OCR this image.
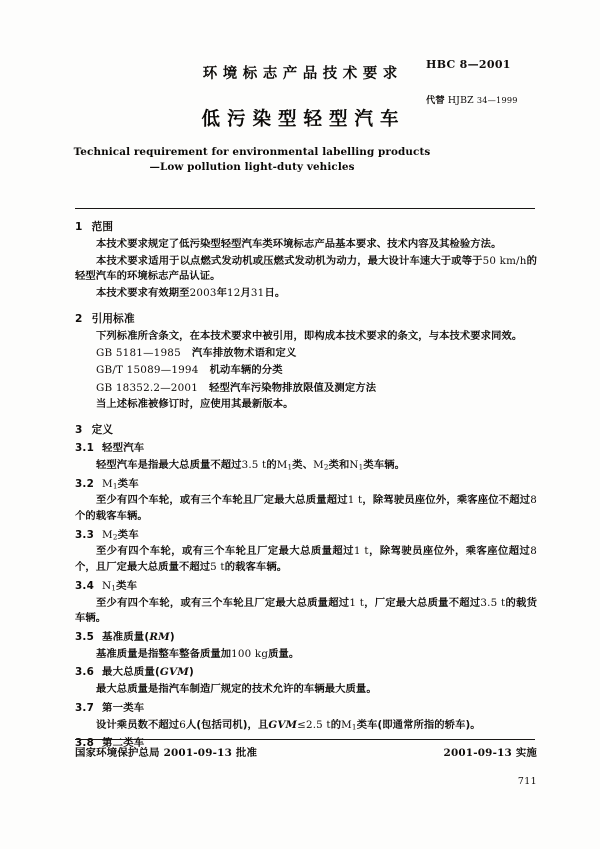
环境标志产品技术要求
低污染型轻型汽车
Technical requirement for environmental labelling products
—Low pollution light-duty vehicles
HBC 8—2001
代替 HJBZ 34—1999
1 范围
本技术要求规定了低污染型轻型汽车类环境标志产品基本要求、技术内容及其检验方法。
本技术要求适用于以点燃式发动机或压燃式发动机为动力，最大设计车速大于或等于50 km/h的轻型汽车的环境标志产品认证。
本技术要求有效期至2003年12月31日。
2 引用标准
下列标准所含条文，在本技术要求中被引用，即构成本技术要求的条文，与本技术要求同效。
GB 5181—1985 汽车排放物术语和定义
GB/T 15089—1994 机动车辆的分类
GB 18352.2—2001 轻型汽车污染物排放限值及测定方法
当上述标准被修订时，应使用其最新版本。
3 定义
3.1 轻型汽车
轻型汽车是指最大总质量不超过3.5 t的$M_1$类、$M_2$类和$N_1$类车辆。
3.2 $M_1$类车
至少有四个车轮，或有三个车轮且厂定最大总质量超过1 t，除驾驶员座位外，乘客座位不超过8个的载客车辆。
3.3 $M_2$类车
至少有四个车轮，或有三个车轮且厂定最大总质量超过1 t，除驾驶员座位外，乘客座位超过8个，且厂定最大总质量不超过5 t的载客车辆。
3.4 $N_1$类车
至少有四个车轮，或有三个车轮且厂定最大总质量超过1 t，厂定最大总质量不超过3.5 t的载货车辆。
3.5 基准质量(RM)
基准质量是指整车整备质量加100 kg质量。
3.6 最大总质量(GVM)
最大总质量是指汽车制造厂规定的技术允许的车辆最大质量。
3.7 第一类车
设计乘员数不超过6人(包括司机)，且GVM≤2.5 t的$M_1$类车(即通常所指的轿车)。
3.8 第二类车
国家环境保护总局 2001-09-13 批准	2001-09-13 实施
711
